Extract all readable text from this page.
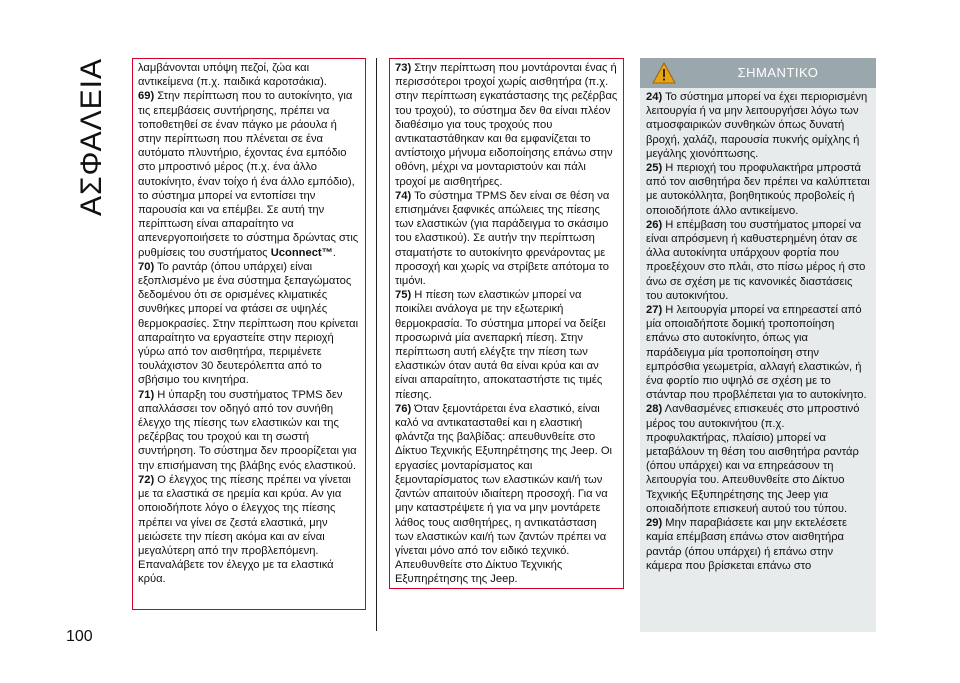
ΑΣΦΑΛΕΙΑ	λαμβάνονται υπόψη πεζοί, ζώα και αντικείμενα (π.χ. παιδικά καροτσάκια).

69) Στην περίπτωση που το αυτοκίνητο, για τις επεμβάσεις συντήρησης, πρέπει να τοποθετηθεί σε έναν πάγκο με ράουλα ή στην περίπτωση που πλένεται σε ένα αυτόματο πλυντήριο, έχοντας ένα εμπόδιο στο μπροστινό μέρος (π.χ. ένα άλλο αυτοκίνητο, έναν τοίχο ή ένα άλλο εμπόδιο), το σύστημα μπορεί να εντοπίσει την παρουσία και να επέμβει. Σε αυτή την περίπτωση είναι απαραίτητο να απενεργοποιήσετε το σύστημα δρώντας στις ρυθμίσεις του συστήματος Uconnect™.

70) Το ραντάρ (όπου υπάρχει) είναι εξοπλισμένο με ένα σύστημα ξεπαγώματος δεδομένου ότι σε ορισμένες κλιματικές συνθήκες μπορεί να φτάσει σε υψηλές θερμοκρασίες. Στην περίπτωση που κρίνεται απαραίτητο να εργαστείτε στην περιοχή γύρω από τον αισθητήρα, περιμένετε τουλάχιστον 30 δευτερόλεπτα από το σβήσιμο του κινητήρα.

71) Η ύπαρξη του συστήματος TPMS δεν απαλλάσσει τον οδηγό από τον συνήθη έλεγχο της πίεσης των ελαστικών και της ρεζέρβας του τροχού και τη σωστή συντήρηση. Το σύστημα δεν προορίζεται για την επισήμανση της βλάβης ενός ελαστικού.

72) Ο έλεγχος της πίεσης πρέπει να γίνεται με τα ελαστικά σε ηρεμία και κρύα. Αν για οποιοδήποτε λόγο ο έλεγχος της πίεσης πρέπει να γίνει σε ζεστά ελαστικά, μην μειώσετε την πίεση ακόμα και αν είναι μεγαλύτερη από την προβλεπόμενη. Επαναλάβετε τον έλεγχο με τα ελαστικά κρύα.

73) Στην περίπτωση που μοντάρονται ένας ή περισσότεροι τροχοί χωρίς αισθητήρα (π.χ. στην περίπτωση εγκατάστασης της ρεζέρβας του τροχού), το σύστημα δεν θα είναι πλέον διαθέσιμο για τους τροχούς που αντικαταστάθηκαν και θα εμφανίζεται το αντίστοιχο μήνυμα ειδοποίησης επάνω στην οθόνη, μέχρι να μονταριστούν και πάλι τροχοί με αισθητήρες.

74) Το σύστημα TPMS δεν είναι σε θέση να επισημάνει ξαφνικές απώλειες της πίεσης των ελαστικών (για παράδειγμα το σκάσιμο του ελαστικού). Σε αυτήν την περίπτωση σταματήστε το αυτοκίνητο φρενάροντας με προσοχή και χωρίς να στρίβετε απότομα το τιμόνι.

75) Η πίεση των ελαστικών μπορεί να ποικίλει ανάλογα με την εξωτερική θερμοκρασία. Το σύστημα μπορεί να δείξει προσωρινά μία ανεπαρκή πίεση. Στην περίπτωση αυτή ελέγξτε την πίεση των ελαστικών όταν αυτά θα είναι κρύα και αν είναι απαραίτητο, αποκαταστήστε τις τιμές πίεσης.

76) Όταν ξεμοντάρεται ένα ελαστικό, είναι καλό να αντικατασταθεί και η ελαστική φλάντζα της βαλβίδας: απευθυνθείτε στο Δίκτυο Τεχνικής Εξυπηρέτησης της Jeep. Οι εργασίες μονταρίσματος και ξεμονταρίσματος των ελαστικών και/ή των ζαντών απαιτούν ιδιαίτερη προσοχή. Για να μην καταστρέψετε ή για να μην μοντάρετε λάθος τους αισθητήρες, η αντικατάσταση των ελαστικών και/ή των ζαντών πρέπει να γίνεται μόνο από τον ειδικό τεχνικό. Απευθυνθείτε στο Δίκτυο Τεχνικής Εξυπηρέτησης της Jeep.

ΣΗΜΑΝΤΙΚΟ

24) Το σύστημα μπορεί να έχει περιορισμένη λειτουργία ή να μην λειτουργήσει λόγω των ατμοσφαιρικών συνθηκών όπως δυνατή βροχή, χαλάζι, παρουσία πυκνής ομίχλης ή μεγάλης χιονόπτωσης.

25) Η περιοχή του προφυλακτήρα μπροστά από τον αισθητήρα δεν πρέπει να καλύπτεται με αυτοκόλλητα, βοηθητικούς προβολείς ή οποιοδήποτε άλλο αντικείμενο.

26) Η επέμβαση του συστήματος μπορεί να είναι απρόσμενη ή καθυστερημένη όταν σε άλλα αυτοκίνητα υπάρχουν φορτία που προεξέχουν στο πλάι, στο πίσω μέρος ή στο άνω σε σχέση με τις κανονικές διαστάσεις του αυτοκινήτου.

27) Η λειτουργία μπορεί να επηρεαστεί από μία οποιαδήποτε δομική τροποποίηση επάνω στο αυτοκίνητο, όπως για παράδειγμα μία τροποποίηση στην εμπρόσθια γεωμετρία, αλλαγή ελαστικών, ή ένα φορτίο πιο υψηλό σε σχέση με το στάνταρ που προβλέπεται για το αυτοκίνητο.

28) Λανθασμένες επισκευές στο μπροστινό μέρος του αυτοκινήτου (π.χ. προφυλακτήρας, πλαίσιο) μπορεί να μεταβάλουν τη θέση του αισθητήρα ραντάρ (όπου υπάρχει) και να επηρεάσουν τη λειτουργία του. Απευθυνθείτε στο Δίκτυο Τεχνικής Εξυπηρέτησης της Jeep για οποιαδήποτε επισκευή αυτού του τύπου.

29) Μην παραβιάσετε και μην εκτελέσετε καμία επέμβαση επάνω στον αισθητήρα ραντάρ (όπου υπάρχει) ή επάνω στην κάμερα που βρίσκεται επάνω στο

100
